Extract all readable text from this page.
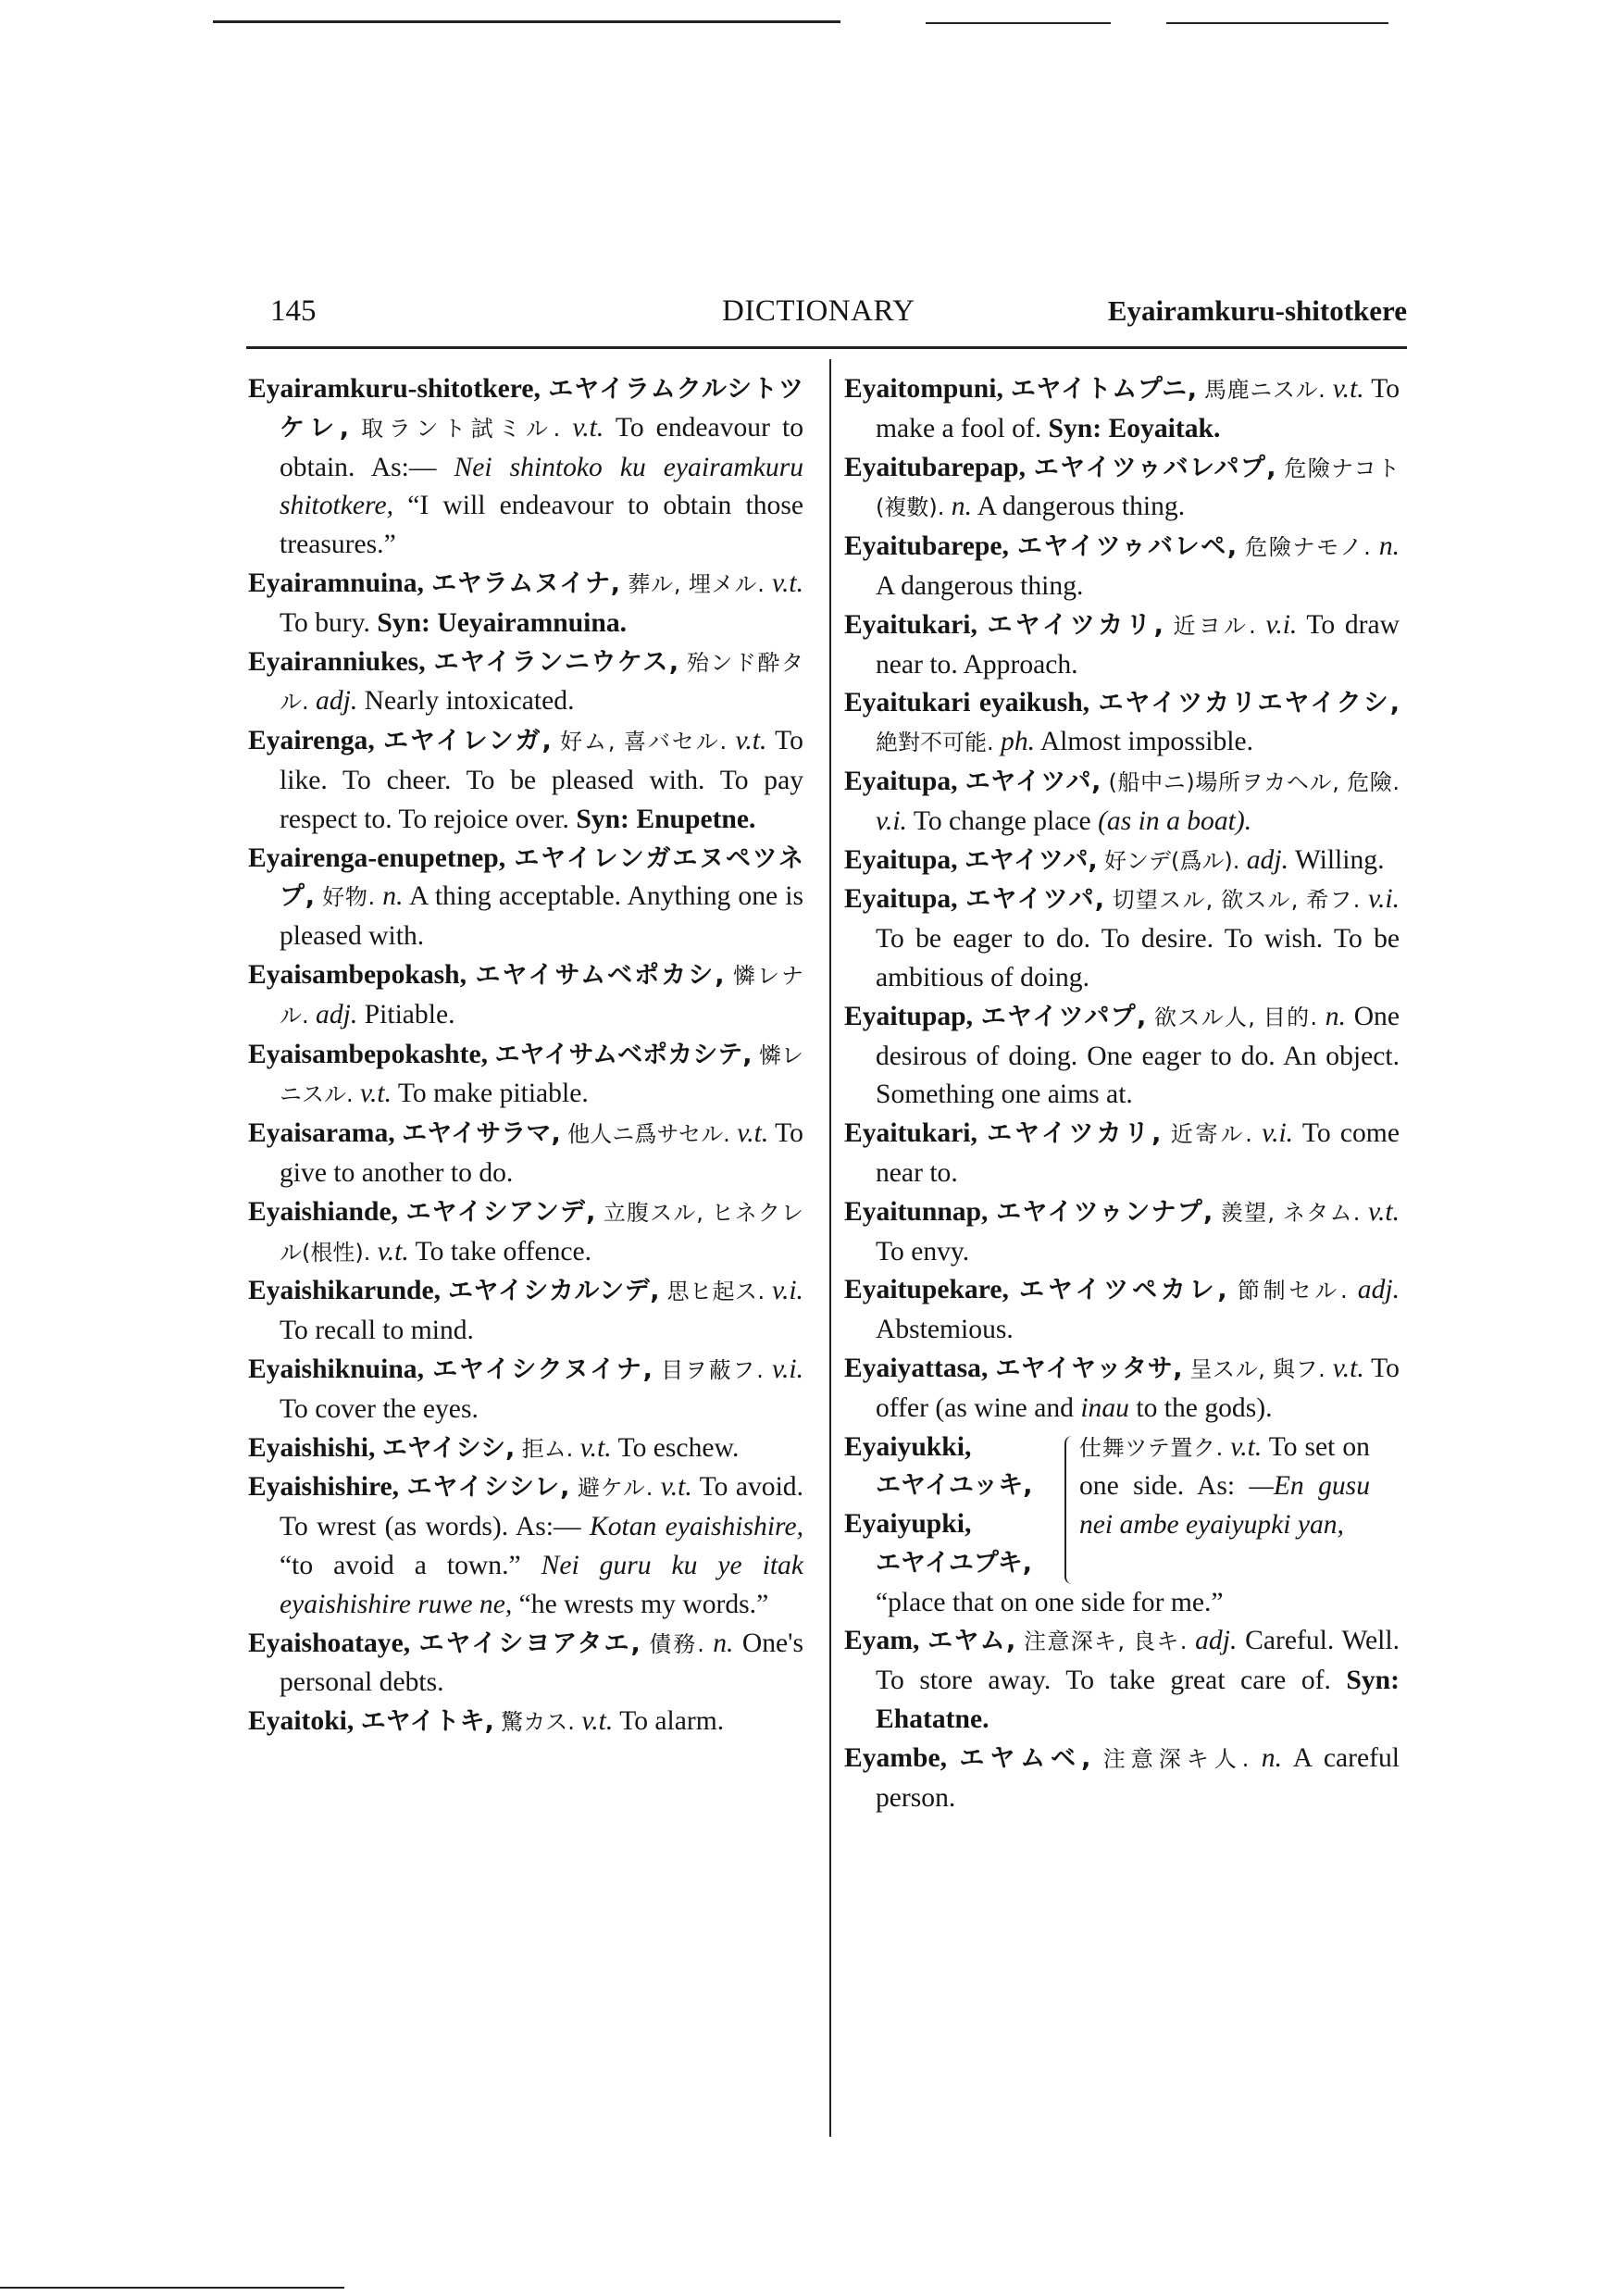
145	DICTIONARY	Eyairamkuru-shitotkere

Eyairamkuru-shitotkere, エヤイラムクルシトツケレ, 取ラント試ミル. v.t. To endeavour to obtain. As:— Nei shintoko ku eyairamkuru shitotkere, “I will endeavour to obtain those treasures.”

Eyairamnuina, エヤラムヌイナ, 葬ル, 埋メル. v.t. To bury. Syn: Ueyairamnuina.

Eyairanniukes, エヤイランニウケス, 殆ンド酔タル. adj. Nearly intoxicated.

Eyairenga, エヤイレンガ, 好ム, 喜バセル. v.t. To like. To cheer. To be pleased with. To pay respect to. To rejoice over. Syn: Enupetne.

Eyairenga-enupetnep, エヤイレンガエヌペツネプ, 好物. n. A thing acceptable. Anything one is pleased with.

Eyaisambepokash, エヤイサムベポカシ, 憐レナル. adj. Pitiable.

Eyaisambepokashte, エヤイサムベポカシテ, 憐レニスル. v.t. To make pitiable.

Eyaisarama, エヤイサラマ, 他人ニ爲サセル. v.t. To give to another to do.

Eyaishiande, エヤイシアンデ, 立腹スル, ヒネクレル(根性). v.t. To take offence.

Eyaishikarunde, エヤイシカルンデ, 思ヒ起ス. v.i. To recall to mind.

Eyaishiknuina, エヤイシクヌイナ, 目ヲ蔽フ. v.i. To cover the eyes.

Eyaishishi, エヤイシシ, 拒ム. v.t. To eschew.

Eyaishishire, エヤイシシレ, 避ケル. v.t. To avoid. To wrest (as words). As:— Kotan eyaishishire, “to avoid a town.” Nei guru ku ye itak eyaishishire ruwe ne, “he wrests my words.”

Eyaishoataye, エヤイシヨアタエ, 債務. n. One's personal debts.

Eyaitoki, エヤイトキ, 驚カス. v.t. To alarm.

Eyaitompuni, エヤイトムプニ, 馬鹿ニスル. v.t. To make a fool of. Syn: Eoyaitak.

Eyaitubarepap, エヤイツゥバレパプ, 危險ナコト(複數). n. A dangerous thing.

Eyaitubarepe, エヤイツゥバレペ, 危險ナモノ. n. A dangerous thing.

Eyaitukari, エヤイツカリ, 近ヨル. v.i. To draw near to. Approach.

Eyaitukari eyaikush, エヤイツカリエヤイクシ, 絶對不可能. ph. Almost impossible.

Eyaitupa, エヤイツパ, (船中ニ)場所ヲカヘル, 危險. v.i. To change place (as in a boat).

Eyaitupa, エヤイツパ, 好ンデ(爲ル). adj. Willing.

Eyaitupa, エヤイツパ, 切望スル, 欲スル, 希フ. v.i. To be eager to do. To desire. To wish. To be ambitious of doing.

Eyaitupap, エヤイツパプ, 欲スル人, 目的. n. One desirous of doing. One eager to do. An object. Something one aims at.

Eyaitukari, エヤイツカリ, 近寄ル. v.i. To come near to.

Eyaitunnap, エヤイツゥンナプ, 羨望, ネタム. v.t. To envy.

Eyaitupekare, エヤイツペカレ, 節制セル. adj. Abstemious.

Eyaiyattasa, エヤイヤッタサ, 呈スル, 與フ. v.t. To offer (as wine and inau to the gods).

Eyaiyukki,
エヤイユッキ,
Eyaiyupki,
エヤイユプキ,仕舞ツテ置ク. v.t. To set on one side. As: —En gusu nei ambe eyaiyupki yan,
“place that on one side for me.”

Eyam, エヤム, 注意深キ, 良キ. adj. Careful. Well. To store away. To take great care of. Syn: Ehatatne.

Eyambe, エヤムベ, 注意深キ人. n. A careful person.
